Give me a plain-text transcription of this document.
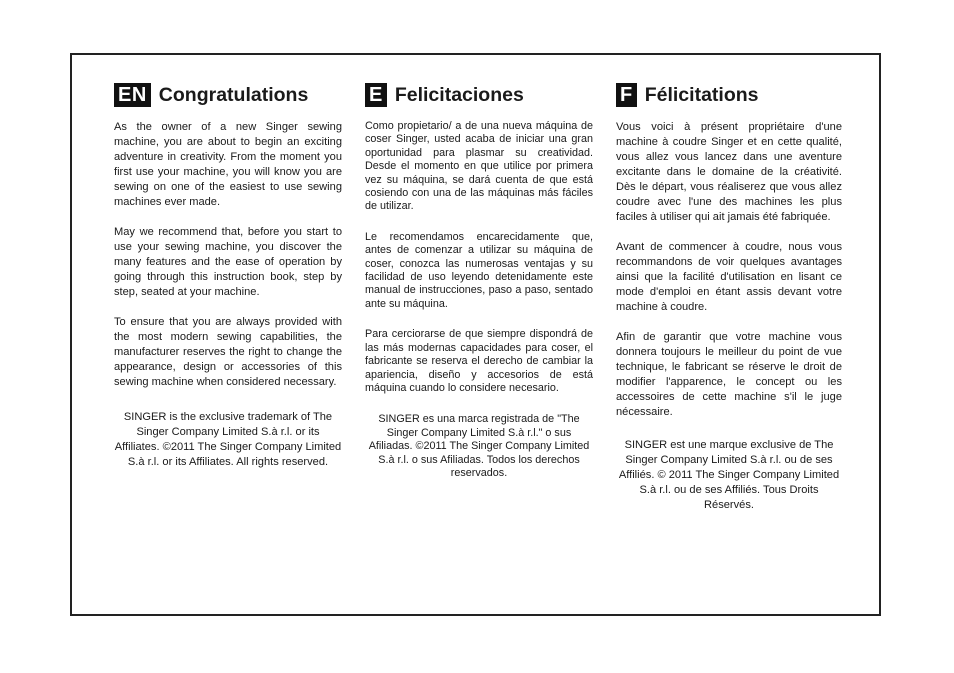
EN Congratulations

As the owner of a new Singer sewing machine, you are about to begin an exciting adventure in creativity. From the moment you first use your machine, you will know you are sewing on one of the easiest to use sewing machines ever made.

May we recommend that, before you start to use your sewing machine, you discover the many features and the ease of operation by going through this instruction book, step by step, seated at your machine.

To ensure that you are always provided with the most modern sewing capabilities, the manufacturer reserves the right to change the appearance, design or accessories of this sewing machine when considered necessary.

SINGER is the exclusive trademark of The Singer Company Limited S.à r.l. or its Affiliates. ©2011 The Singer Company Limited S.à r.l. or its Affiliates. All rights reserved.
E Felicitaciones

Como propietario/ a de una nueva máquina de coser Singer, usted acaba de iniciar una gran oportunidad para plasmar su creatividad. Desde el momento en que utilice por primera vez su máquina, se dará cuenta de que está cosiendo con una de las máquinas más fáciles de utilizar.

Le recomendamos encarecidamente que, antes de comenzar a utilizar su máquina de coser, conozca las numerosas ventajas y su facilidad de uso leyendo detenidamente este manual de instrucciones, paso a paso, sentado ante su máquina.

Para cerciorarse de que siempre dispondrá de las más modernas capacidades para coser, el fabricante se reserva el derecho de cambiar la apariencia, diseño y accesorios de está máquina cuando lo considere necesario.

SINGER es una marca registrada de "The Singer Company Limited S.à r.l." o sus Afiliadas. ©2011 The Singer Company Limited S.à r.l. o sus Afiliadas. Todos los derechos reservados.
F Félicitations

Vous voici à présent propriétaire d'une machine à coudre Singer et en cette qualité, vous allez vous lancez dans une aventure excitante dans le domaine de la créativité. Dès le départ, vous réaliserez que vous allez coudre avec l'une des machines les plus faciles à utiliser qui ait jamais été fabriquée.

Avant de commencer à coudre, nous vous recommandons de voir quelques avantages ainsi que la facilité d'utilisation en lisant ce mode d'emploi en étant assis devant votre machine à coudre.

Afin de garantir que votre machine vous donnera toujours le meilleur du point de vue technique, le fabricant se réserve le droit de modifier l'apparence, le concept ou les accessoires de cette machine s'il le juge nécessaire.

SINGER est une marque exclusive de The Singer Company Limited S.à r.l. ou de ses Affiliés. © 2011 The Singer Company Limited S.à r.l. ou de ses Affiliés. Tous Droits Réservés.
